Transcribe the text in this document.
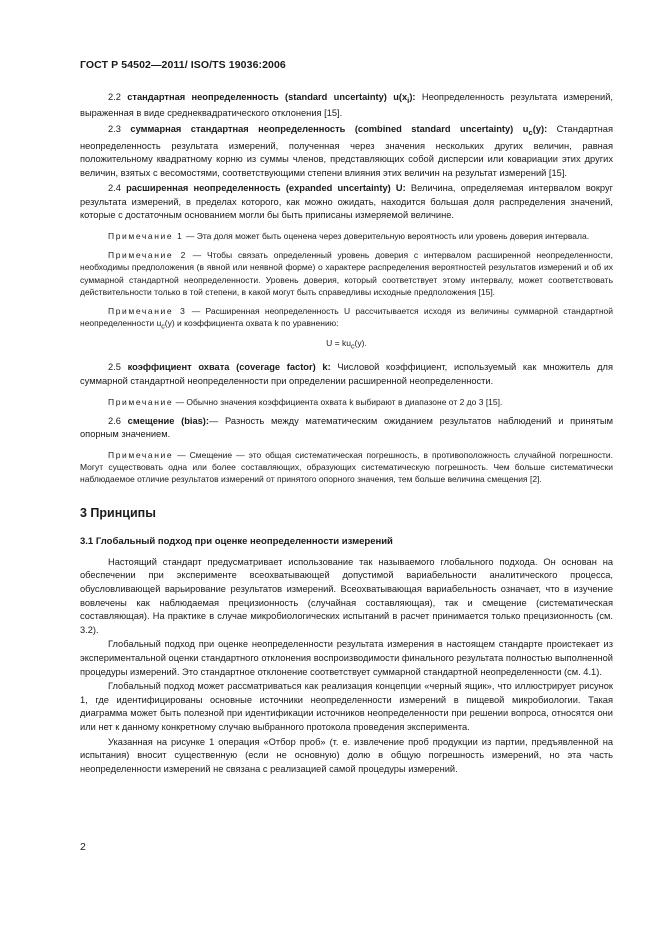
ГОСТ Р 54502—2011/ ISO/TS 19036:2006

2.2 стандартная неопределенность (standard uncertainty) $u(x_i)$: Неопределенность результата измерений, выраженная в виде среднеквадратического отклонения [15].

2.3 суммарная стандартная неопределенность (combined standard uncertainty) $u_c(y)$: Стандартная неопределенность результата измерений, полученная через значения нескольких других величин, равная положительному квадратному корню из суммы членов, представляющих собой дисперсии или ковариации этих других величин, взятых с весомостями, соответствующими степени влияния этих величин на результат измерений [15].

2.4 расширенная неопределенность (expanded uncertainty) U: Величина, определяемая интервалом вокруг результата измерений, в пределах которого, как можно ожидать, находится большая доля распределения значений, которые с достаточным основанием могли бы быть приписаны измеряемой величине.

Примечание 1 — Эта доля может быть оценена через доверительную вероятность или уровень доверия интервала.

Примечание 2 — Чтобы связать определенный уровень доверия с интервалом расширенной неопределенности, необходимы предположения (в явной или неявной форме) о характере распределения вероятностей результатов измерений и об их суммарной стандартной неопределенности. Уровень доверия, который соответствует этому интервалу, может соответствовать действительности только в той степени, в какой могут быть справедливы исходные предположения [15].

Примечание 3 — Расширенная неопределенность U рассчитывается исходя из величины суммарной стандартной неопределенности $u_c(y)$ и коэффициента охвата k по уравнению:

$U = ku_c(y)$.

2.5 коэффициент охвата (coverage factor) k: Числовой коэффициент, используемый как множитель для суммарной стандартной неопределенности при определении расширенной неопределенности.

Примечание — Обычно значения коэффициента охвата k выбирают в диапазоне от 2 до 3 [15].

2.6 смещение (bias):— Разность между математическим ожиданием результатов наблюдений и принятым опорным значением.

Примечание — Смещение — это общая систематическая погрешность, в противоположность случайной погрешности. Могут существовать одна или более составляющих, образующих систематическую погрешность. Чем больше систематически наблюдаемое отличие результатов измерений от принятого опорного значения, тем больше величина смещения [2].

3 Принципы
3.1 Глобальный подход при оценке неопределенности измерений

Настоящий стандарт предусматривает использование так называемого глобального подхода. Он основан на обеспечении при эксперименте всеохватывающей допустимой вариабельности аналитического процесса, обусловливающей варьирование результатов измерений. Всеохватывающая вариабельность означает, что в изучение вовлечены как наблюдаемая прецизионность (случайная составляющая), так и смещение (систематическая составляющая). На практике в случае микробиологических испытаний в расчет принимается только прецизионность (см. 3.2).

Глобальный подход при оценке неопределенности результата измерения в настоящем стандарте проистекает из экспериментальной оценки стандартного отклонения воспроизводимости финального результата полностью выполненной процедуры измерений. Это стандартное отклонение соответствует суммарной стандартной неопределенности (см. 4.1).

Глобальный подход может рассматриваться как реализация концепции «черный ящик», что иллюстрирует рисунок 1, где идентифицированы основные источники неопределенности измерений в пищевой микробиологии. Такая диаграмма может быть полезной при идентификации источников неопределенности при решении вопроса, относятся они или нет к данному конкретному случаю выбранного протокола проведения эксперимента.

Указанная на рисунке 1 операция «Отбор проб» (т. е. извлечение проб продукции из партии, предъявленной на испытания) вносит существенную (если не основную) долю в общую погрешность измерений, но эта часть неопределенности измерений не связана с реализацией самой процедуры измерений.

2
